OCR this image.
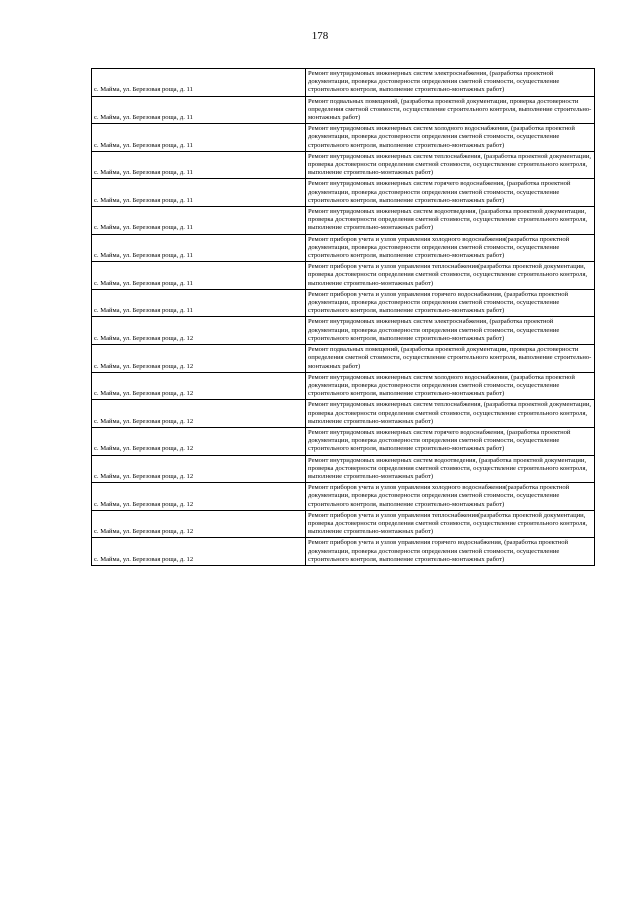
178
с. Майма, ул. Березовая роща, д. 11	Ремонт внутридомовых инженерных систем электроснабжения, (разработка проектной документации, проверка достоверности определения сметной стоимости, осуществление строительного контроля, выполнение строительно-монтажных работ)
с. Майма, ул. Березовая роща, д. 11	Ремонт подвальных помещений, (разработка проектной документации, проверка достоверности определения сметной стоимости, осуществление строительного контроля, выполнение строительно-монтажных работ)
с. Майма, ул. Березовая роща, д. 11	Ремонт внутридомовых инженерных систем холодного водоснабжения, (разработка проектной документации, проверка достоверности определения сметной стоимости, осуществление строительного контроля, выполнение строительно-монтажных работ)
с. Майма, ул. Березовая роща, д. 11	Ремонт внутридомовых инженерных систем теплоснабжения, (разработка проектной документации, проверка достоверности определения сметной стоимости, осуществление строительного контроля, выполнение строительно-монтажных работ)
с. Майма, ул. Березовая роща, д. 11	Ремонт внутридомовых инженерных систем горячего водоснабжения, (разработка проектной документации, проверка достоверности определения сметной стоимости, осуществление строительного контроля, выполнение строительно-монтажных работ)
с. Майма, ул. Березовая роща, д. 11	Ремонт внутридомовых инженерных систем водоотведения, (разработка проектной документации, проверка достоверности определения сметной стоимости, осуществление строительного контроля, выполнение строительно-монтажных работ)
с. Майма, ул. Березовая роща, д. 11	Ремонт приборов учета и узлов управления холодного водоснабжения(разработка проектной документации, проверка достоверности определения сметной стоимости, осуществление строительного контроля, выполнение строительно-монтажных работ)
с. Майма, ул. Березовая роща, д. 11	Ремонт приборов учета и узлов управления теплоснабжения(разработка проектной документации, проверка достоверности определения сметной стоимости, осуществление строительного контроля, выполнение строительно-монтажных работ)
с. Майма, ул. Березовая роща, д. 11	Ремонт приборов учета и узлов управления горячего водоснабжения, (разработка проектной документации, проверка достоверности определения сметной стоимости, осуществление строительного контроля, выполнение строительно-монтажных работ)
с. Майма, ул. Березовая роща, д. 12	Ремонт внутридомовых инженерных систем электроснабжения, (разработка проектной документации, проверка достоверности определения сметной стоимости, осуществление строительного контроля, выполнение строительно-монтажных работ)
с. Майма, ул. Березовая роща, д. 12	Ремонт подвальных помещений, (разработка проектной документации, проверка достоверности определения сметной стоимости, осуществление строительного контроля, выполнение строительно-монтажных работ)
с. Майма, ул. Березовая роща, д. 12	Ремонт внутридомовых инженерных систем холодного водоснабжения, (разработка проектной документации, проверка достоверности определения сметной стоимости, осуществление строительного контроля, выполнение строительно-монтажных работ)
с. Майма, ул. Березовая роща, д. 12	Ремонт внутридомовых инженерных систем теплоснабжения, (разработка проектной документации, проверка достоверности определения сметной стоимости, осуществление строительного контроля, выполнение строительно-монтажных работ)
с. Майма, ул. Березовая роща, д. 12	Ремонт внутридомовых инженерных систем горячего водоснабжения, (разработка проектной документации, проверка достоверности определения сметной стоимости, осуществление строительного контроля, выполнение строительно-монтажных работ)
с. Майма, ул. Березовая роща, д. 12	Ремонт внутридомовых инженерных систем водоотведения, (разработка проектной документации, проверка достоверности определения сметной стоимости, осуществление строительного контроля, выполнение строительно-монтажных работ)
с. Майма, ул. Березовая роща, д. 12	Ремонт приборов учета и узлов управления холодного водоснабжения(разработка проектной документации, проверка достоверности определения сметной стоимости, осуществление строительного контроля, выполнение строительно-монтажных работ)
с. Майма, ул. Березовая роща, д. 12	Ремонт приборов учета и узлов управления теплоснабжения(разработка проектной документации, проверка достоверности определения сметной стоимости, осуществление строительного контроля, выполнение строительно-монтажных работ)
с. Майма, ул. Березовая роща, д. 12	Ремонт приборов учета и узлов управления горячего водоснабжения, (разработка проектной документации, проверка достоверности определения сметной стоимости, осуществление строительного контроля, выполнение строительно-монтажных работ)
